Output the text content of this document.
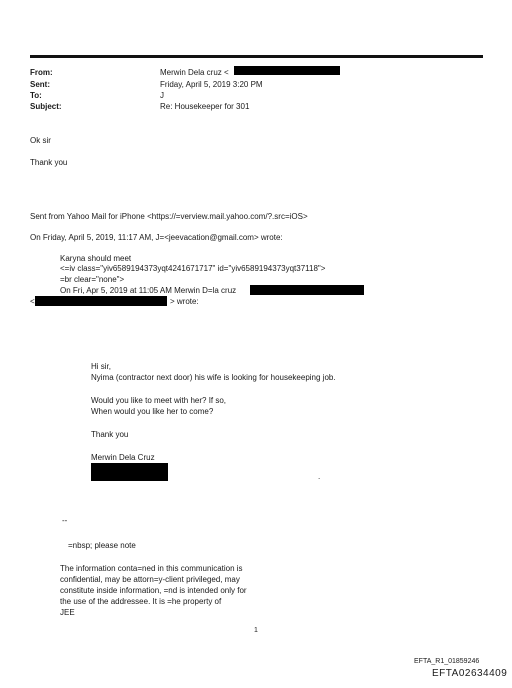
From:	Merwin Dela cruz <
Sent:	Friday, April 5, 2019 3:20 PM
To:	J
Subject:	Re: Housekeeper for 301
Ok sir
Thank you
Sent from Yahoo Mail for iPhone <https://=verview.mail.yahoo.com/?.src=iOS>
On Friday, April 5, 2019, 11:17 AM, J=<jeevacation@gmail.com> wrote:
Karyna should meet
<=iv class="yiv6589194373yqt4241671717" id="yiv6589194373yqt37118">
=br clear="none">
On Fri, Apr 5, 2019 at 11:05 AM Merwin D=la cruz
<	> wrote:
Hi sir,
Nyima (contractor next door) his wife is looking for housekeeping job.
Would you like to meet with her? If so,
When would you like her to come?
Thank you
Merwin Dela Cruz
.
--
=nbsp; please note
The information conta=ned in this communication is
confidential, may be attorn=y-client privileged, may
constitute inside information, =nd is intended only for
the use of the addressee. It is =he property of
JEE
1
EFTA_R1_01859246
EFTA02634409
